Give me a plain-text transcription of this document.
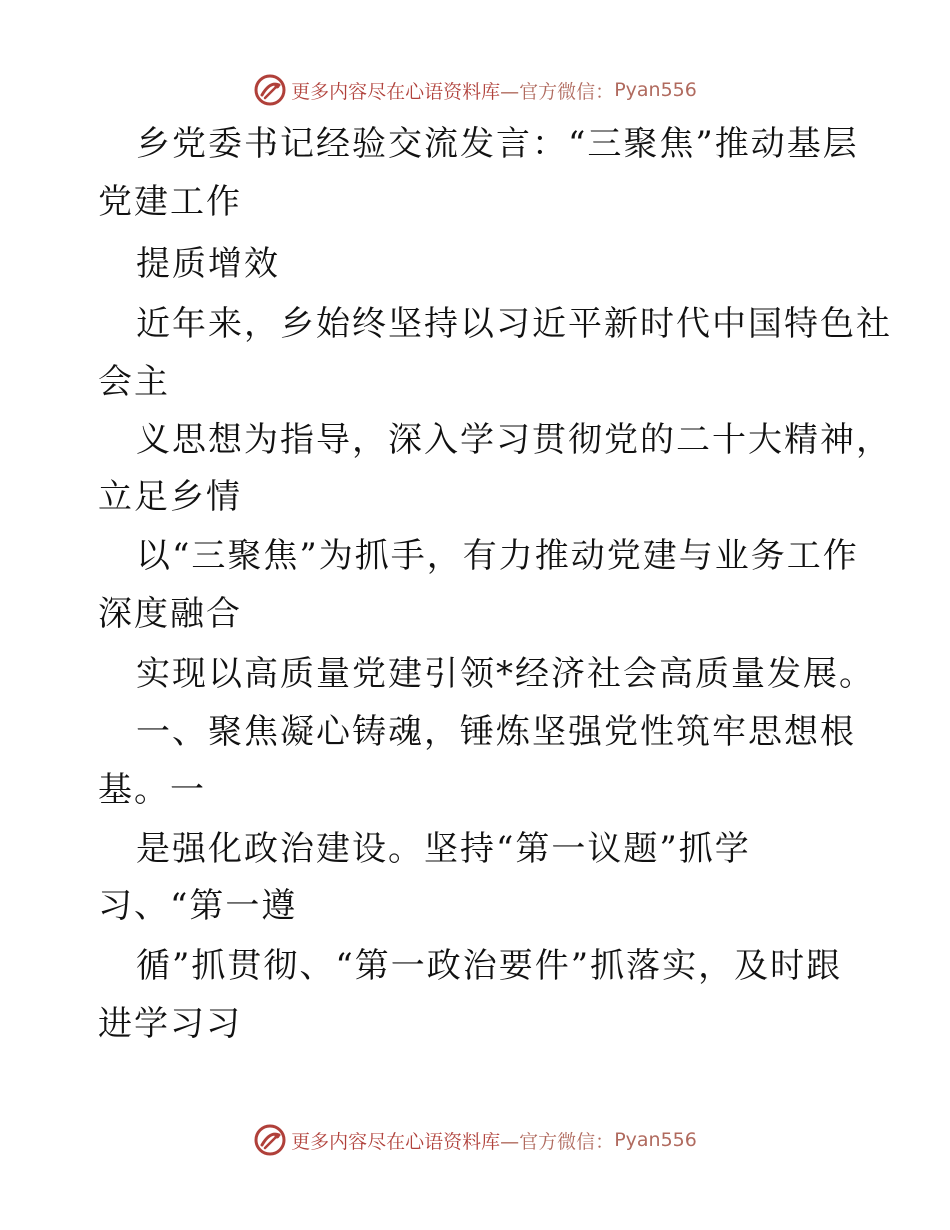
更多内容尽在心语资料库 —官方微信： Pyan556
乡党委书记经验交流发言：“三聚焦”推动基层
党建工作
提质增效
近年来，乡始终坚持以习近平新时代中国特色社
会主
义思想为指导，深入学习贯彻党的二十大精神，
立足乡情
以“三聚焦”为抓手，有力推动党建与业务工作
深度融合
实现以高质量党建引领*经济社会高质量发展。
一、聚焦凝心铸魂，锤炼坚强党性筑牢思想根
基。一
是强化政治建设。坚持“第一议题”抓学
习、“第一遵
循”抓贯彻、“第一政治要件”抓落实，及时跟
进学习习
更多内容尽在心语资料库 —官方微信： Pyan556
